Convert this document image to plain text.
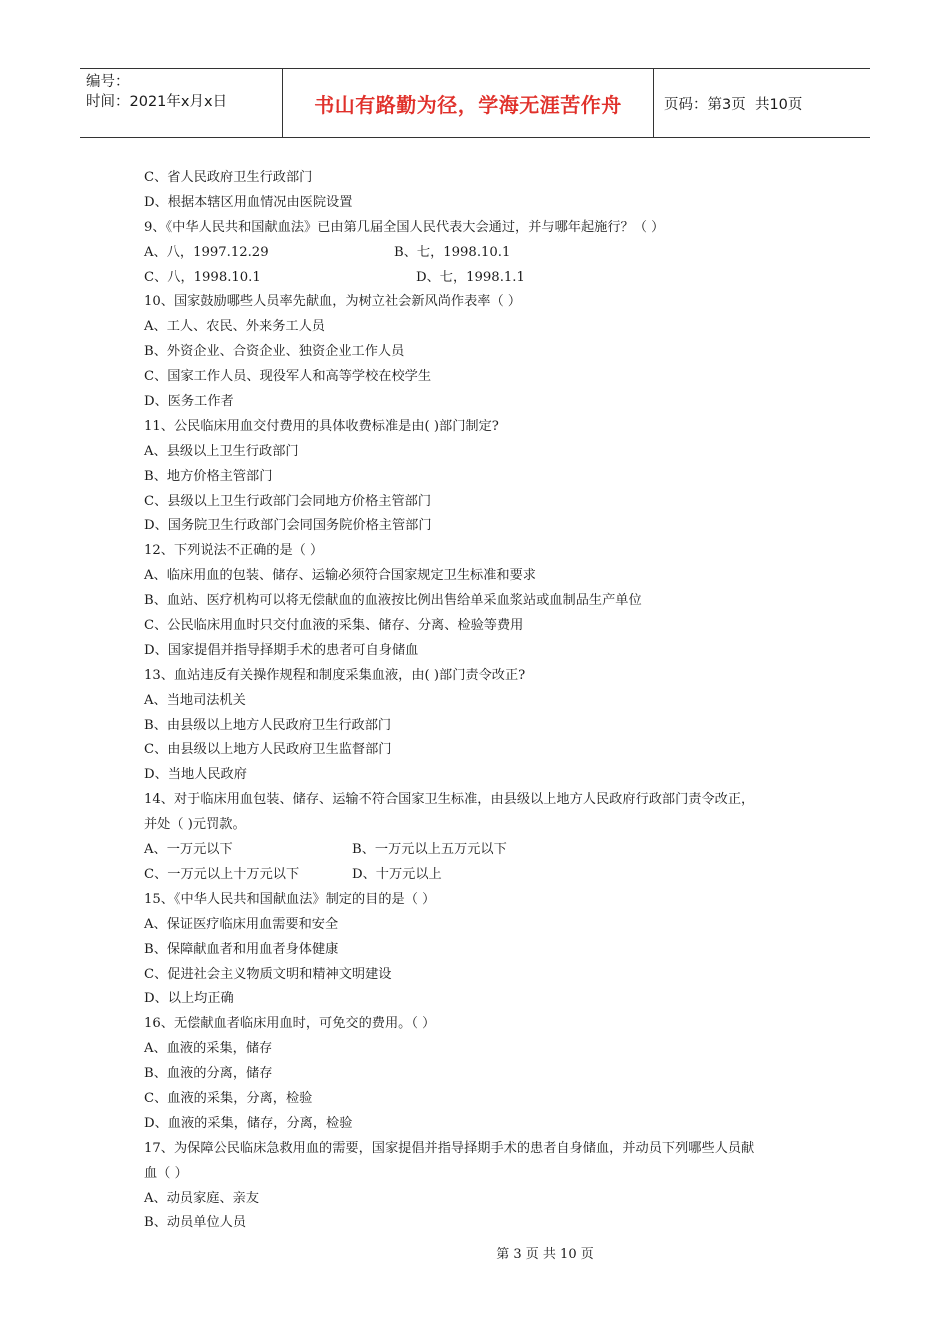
编号：
时间：2021年x月x日	书山有路勤为径，学海无涯苦作舟	页码：第3页  共10页
C、省人民政府卫生行政部门
D、根据本辖区用血情况由医院设置
9、《中华人民共和国献血法》已由第几届全国人民代表大会通过，并与哪年起施行？（ ）
A、八，1997.12.29	B、七，1998.10.1
C、八，1998.10.1	D、七，1998.1.1
10、国家鼓励哪些人员率先献血，为树立社会新风尚作表率（ ）
A、工人、农民、外来务工人员
B、外资企业、合资企业、独资企业工作人员
C、国家工作人员、现役军人和高等学校在校学生
D、医务工作者
11、公民临床用血交付费用的具体收费标准是由( )部门制定?
A、县级以上卫生行政部门
B、地方价格主管部门
C、县级以上卫生行政部门会同地方价格主管部门
D、国务院卫生行政部门会同国务院价格主管部门
12、下列说法不正确的是（ ）
A、临床用血的包装、储存、运输必须符合国家规定卫生标准和要求
B、血站、医疗机构可以将无偿献血的血液按比例出售给单采血浆站或血制品生产单位
C、公民临床用血时只交付血液的采集、储存、分离、检验等费用
D、国家提倡并指导择期手术的患者可自身储血
13、血站违反有关操作规程和制度采集血液，由( )部门责令改正?
A、当地司法机关
B、由县级以上地方人民政府卫生行政部门
C、由县级以上地方人民政府卫生监督部门
D、当地人民政府
14、对于临床用血包装、储存、运输不符合国家卫生标准，由县级以上地方人民政府行政部门责令改正，
并处（ )元罚款。
A、一万元以下	B、一万元以上五万元以下
C、一万元以上十万元以下	D、十万元以上
15、《中华人民共和国献血法》制定的目的是（ ）
A、保证医疗临床用血需要和安全
B、保障献血者和用血者身体健康
C、促进社会主义物质文明和精神文明建设
D、以上均正确
16、无偿献血者临床用血时，可免交的费用。（ ）
A、血液的采集，储存
B、血液的分离，储存
C、血液的采集，分离，检验
D、血液的采集，储存，分离，检验
17、为保障公民临床急救用血的需要，国家提倡并指导择期手术的患者自身储血，并动员下列哪些人员献
血（ ）
A、动员家庭、亲友
B、动员单位人员
第 3 页 共 10 页
